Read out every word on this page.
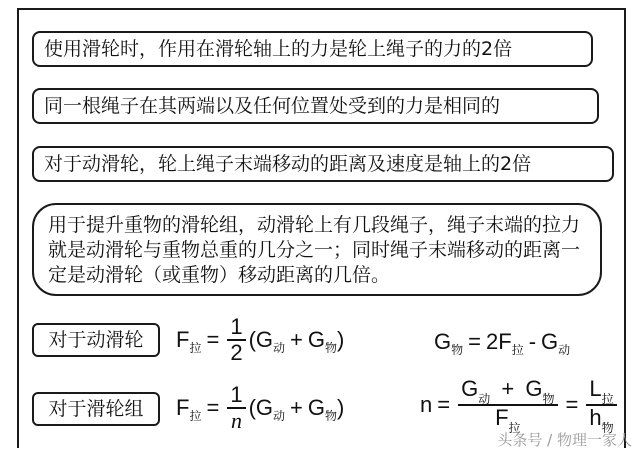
使用滑轮时，作用在滑轮轴上的力是轮上绳子的力的2倍
同一根绳子在其两端以及任何位置处受到的力是相同的
对于动滑轮，轮上绳子末端移动的距离及速度是轴上的2倍
用于提升重物的滑轮组，动滑轮上有几段绳子，绳子末端的拉力就是动滑轮与重物总重的几分之一；同时绳子末端移动的距离一定是动滑轮（或重物）移动距离的几倍。
对于动滑轮	F 拉 = $\frac{1}{2}$ ( G 动 + G 物 )	G 物 = 2F 拉 - G 动
对于滑轮组	F 拉 = $\frac{1}{n}$ ( G 动 + G 物 )	$n = \frac{G_动 + G_物}{F_拉} = \frac{L_拉}{h_物}$
头条号 / 物理一家人
